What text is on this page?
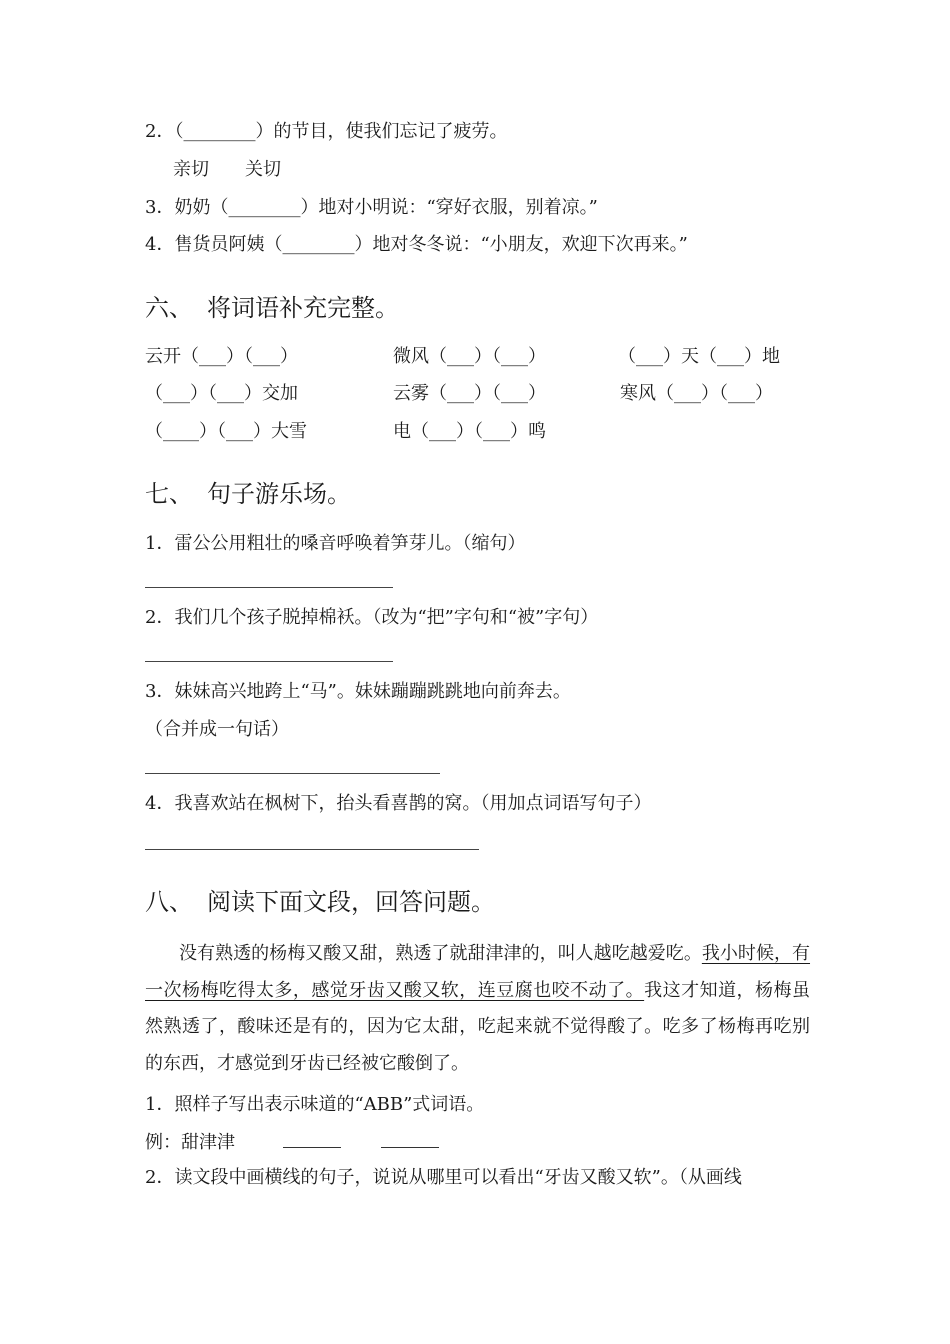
2．（________）的节目，使我们忘记了疲劳。
亲切　　关切
3．奶奶（________）地对小明说：“穿好衣服，别着凉。”
4．售货员阿姨（________）地对冬冬说：“小朋友，欢迎下次再来。”
六、 将词语补充完整。
云开（___）（___）	微风（___）（___）	（___）天（___）地
（___）（___）交加	云雾（___）（___）	寒风（___）（___）
（____）（___）大雪	电（___）（___）鸣
七、 句子游乐场。
1．雷公公用粗壮的嗓音呼唤着笋芽儿。（缩句）
2．我们几个孩子脱掉棉袄。（改为“把”字句和“被”字句）
3．妹妹高兴地跨上“马”。妹妹蹦蹦跳跳地向前奔去。
（合并成一句话）
4．我喜欢站在枫树下，抬头看喜鹊的窝。（用加点词语写句子）
八、 阅读下面文段，回答问题。
没有熟透的杨梅又酸又甜，熟透了就甜津津的，叫人越吃越爱吃。我小时候，有一次杨梅吃得太多，感觉牙齿又酸又软，连豆腐也咬不动了。我这才知道，杨梅虽然熟透了，酸味还是有的，因为它太甜，吃起来就不觉得酸了。吃多了杨梅再吃别的东西，才感觉到牙齿已经被它酸倒了。
1．照样子写出表示味道的“ABB”式词语。
例：甜津津
2．读文段中画横线的句子，说说从哪里可以看出“牙齿又酸又软”。（从画线
